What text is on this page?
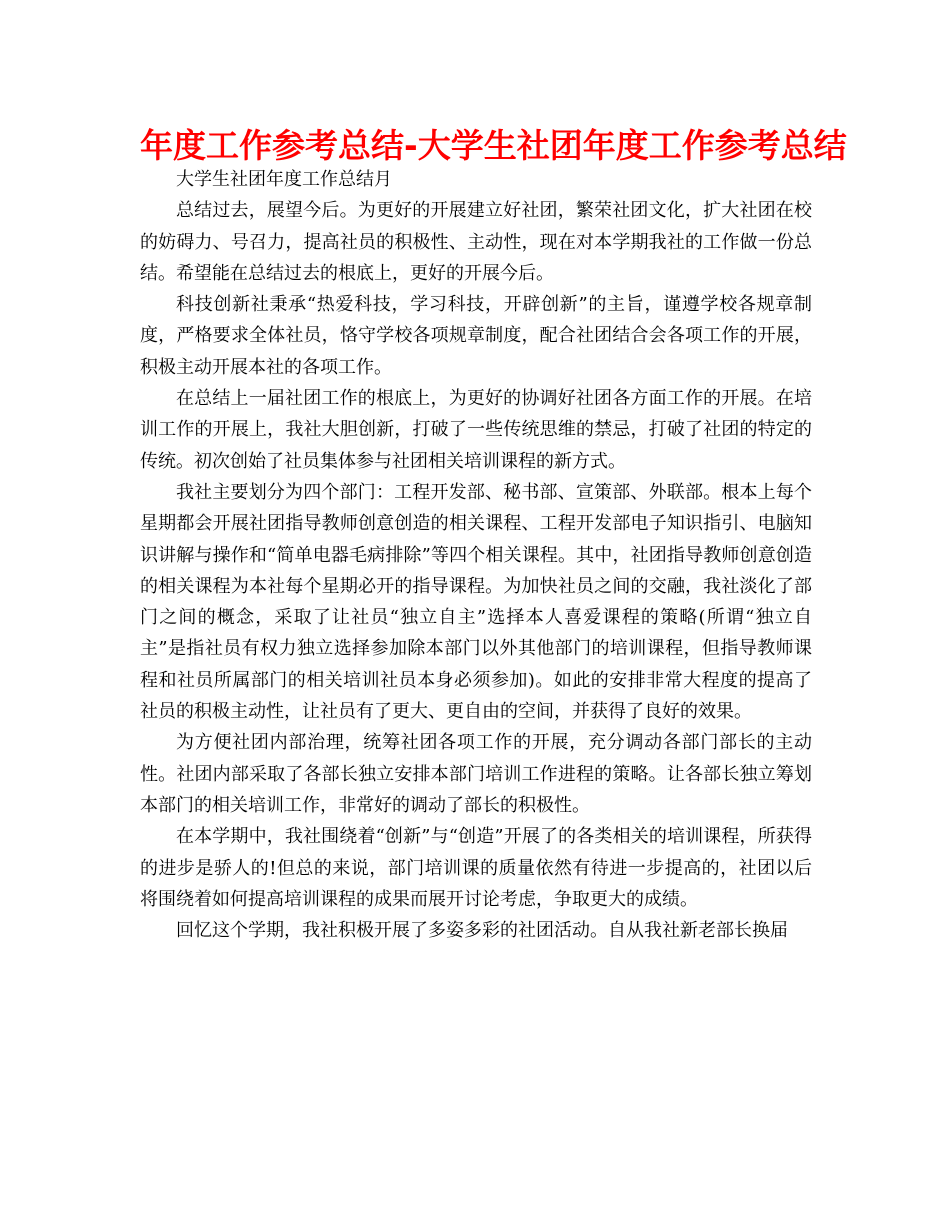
年度工作参考总结-大学生社团年度工作参考总结

大学生社团年度工作总结月

总结过去，展望今后。为更好的开展建立好社团，繁荣社团文化，扩大社团在校的妨碍力、号召力，提高社员的积极性、主动性，现在对本学期我社的工作做一份总结。希望能在总结过去的根底上，更好的开展今后。

科技创新社秉承“热爱科技，学习科技，开辟创新”的主旨，谨遵学校各规章制度，严格要求全体社员，恪守学校各项规章制度，配合社团结合会各项工作的开展，积极主动开展本社的各项工作。

在总结上一届社团工作的根底上，为更好的协调好社团各方面工作的开展。在培训工作的开展上，我社大胆创新，打破了一些传统思维的禁忌，打破了社团的特定的传统。初次创始了社员集体参与社团相关培训课程的新方式。

我社主要划分为四个部门：工程开发部、秘书部、宣策部、外联部。根本上每个星期都会开展社团指导教师创意创造的相关课程、工程开发部电子知识指引、电脑知识讲解与操作和“简单电器毛病排除”等四个相关课程。其中，社团指导教师创意创造的相关课程为本社每个星期必开的指导课程。为加快社员之间的交融，我社淡化了部门之间的概念，采取了让社员“独立自主”选择本人喜爱课程的策略(所谓“独立自主”是指社员有权力独立选择参加除本部门以外其他部门的培训课程，但指导教师课程和社员所属部门的相关培训社员本身必须参加)。如此的安排非常大程度的提高了社员的积极主动性，让社员有了更大、更自由的空间，并获得了良好的效果。

为方便社团内部治理，统筹社团各项工作的开展，充分调动各部门部长的主动性。社团内部采取了各部长独立安排本部门培训工作进程的策略。让各部长独立筹划本部门的相关培训工作，非常好的调动了部长的积极性。

在本学期中，我社围绕着“创新”与“创造”开展了的各类相关的培训课程，所获得的进步是骄人的!但总的来说，部门培训课的质量依然有待进一步提高的，社团以后将围绕着如何提高培训课程的成果而展开讨论考虑，争取更大的成绩。

回忆这个学期，我社积极开展了多姿多彩的社团活动。自从我社新老部长换届
